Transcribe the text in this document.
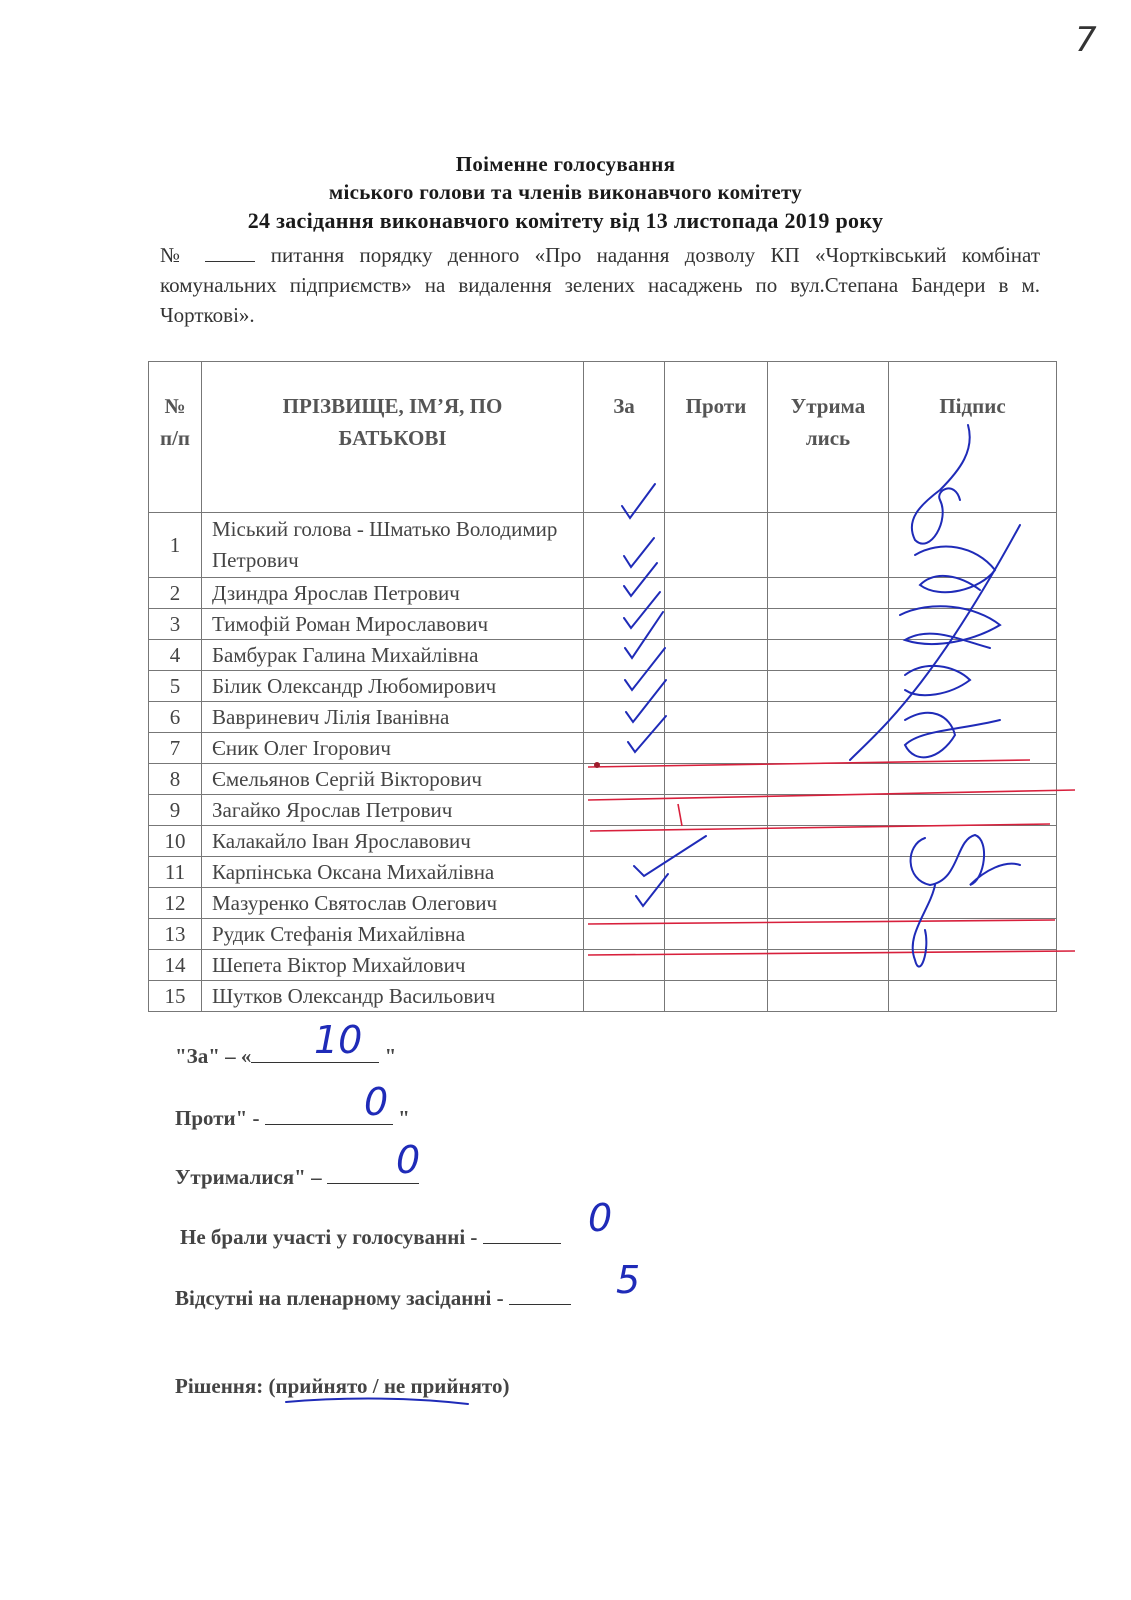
7
Поіменне голосування
міського голови та членів виконавчого комітету
24 засідання виконавчого комітету від 13 листопада 2019 року
№	питання порядку денного «Про надання дозволу КП «Чортківський комбінат комунальних підприємств» на видалення зелених насаджень по вул.Степана Бандери в м. Чорткові».
№ п/п	ПРІЗВИЩЕ, ІМ’Я, ПО БАТЬКОВІ	За	Проти	Утрима лись	Підпис
1	Міський голова - Шматько Володимир Петрович				
2	Дзиндра Ярослав Петрович				
3	Тимофій Роман Мирославович				
4	Бамбурак Галина Михайлівна				
5	Білик Олександр Любомирович				
6	Вавриневич Лілія Іванівна				
7	Єник Олег Ігорович				
8	Ємельянов Сергій Вікторович				
9	Загайко Ярослав Петрович				
10	Калакайло Іван Ярославович				
11	Карпінська Оксана Михайлівна				
12	Мазуренко Святослав Олегович				
13	Рудик Стефанія Михайлівна				
14	Шепета Віктор Михайлович				
15	Шутков Олександр Васильович				
"За" – «	"
10
Проти" -	"
0
Утрималися" –	0
Не брали участі у голосуванні -	0
Відсутні на пленарному засіданні -	5
Рішення: (прийнято / не прийнято)
